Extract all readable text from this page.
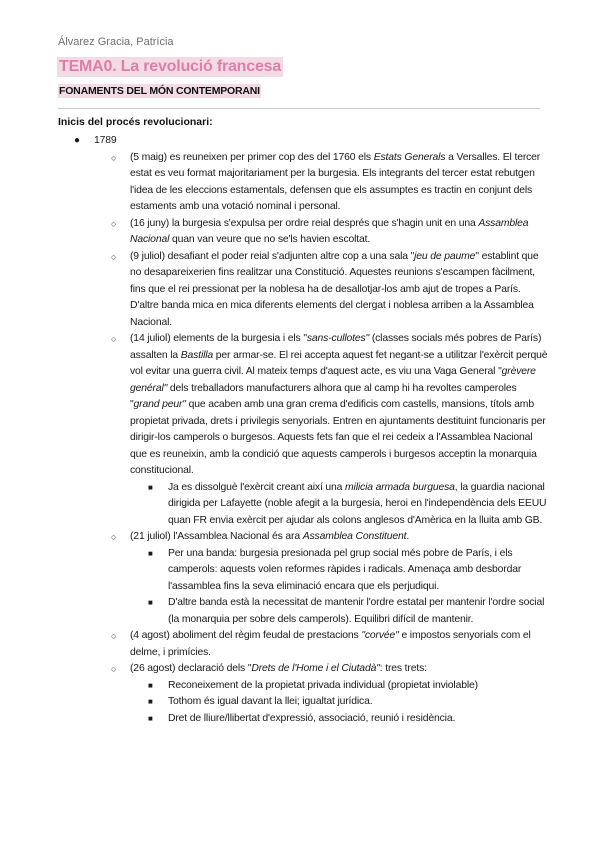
Álvarez Gracia, Patrícia
TEMA0. La revolució francesa
FONAMENTS DEL MÓN CONTEMPORANI
Inicis del procés revolucionari:
● 1789
○ (5 maig) es reuneixen per primer cop des del 1760 els Estats Generals a Versalles. El tercer estat es veu format majoritariament per la burgesia. Els integrants del tercer estat rebutgen l'idea de les eleccions estamentals, defensen que els assumptes es tractin en conjunt dels estaments amb una votació nominal i personal.
○ (16 juny) la burgesia s'expulsa per ordre reial després que s'hagin unit en una Assamblea Nacional quan van veure que no se'ls havien escoltat.
○ (9 juliol) desafiant el poder reial s'adjunten altre cop a una sala "jeu de paume" establint que no desapareixerien fins realitzar una Constitució. Aquestes reunions s'escampen fàcilment, fins que el rei pressionat per la noblesa ha de desallotjar-los amb ajut de tropes a París. D'altre banda mica en mica diferents elements del clergat i noblesa arriben a la Assamblea Nacional.
○ (14 juliol) elements de la burgesia i els "sans-cullotes" (classes socials més pobres de París) assalten la Bastilla per armar-se. El rei accepta aquest fet negant-se a utilitzar l'exèrcit perquè vol evitar una guerra civil. Al mateix temps d'aquest acte, es viu una Vaga General "grèvere genéral" dels treballadors manufacturers alhora que al camp hi ha revoltes camperoles "grand peur" que acaben amb una gran crema d'edificis com castells, mansions, títols amb propietat privada, drets i privilegis senyorials. Entren en ajuntaments destituint funcionaris per dirigir-los camperols o burgesos. Aquests fets fan que el rei cedeix a l'Assamblea Nacional que es reuneixin, amb la condició que aquests camperols i burgesos acceptin la monarquia constitucional.
■ Ja es dissolguè l'exèrcit creant així una milicia armada burguesa, la guardia nacional dirigida per Lafayette (noble afegit a la burgesia, heroi en l'independència dels EEUU quan FR envia exèrcit per ajudar als colons anglesos d'Amèrica en la lluita amb GB.
○ (21 juliol) l'Assamblea Nacional és ara Assamblea Constituent.
■ Per una banda: burgesia presionada pel grup social més pobre de París, i els camperols: aquests volen reformes ràpides i radicals. Amenaça amb desbordar l'assamblea fins la seva eliminació encara que els perjudiqui.
■ D'altre banda està la necessitat de mantenir l'ordre estatal per mantenir l'ordre social (la monarquia per sobre dels camperols). Equilibri difícil de mantenir.
○ (4 agost) aboliment del règim feudal de prestacions "corvée" e impostos senyorials com el delme, i primícies.
○ (26 agost) declaració dels "Drets de l'Home i el Ciutadà": tres trets:
■ Reconeixement de la propietat privada individual (propietat inviolable)
■ Tothom és igual davant la llei; igualtat jurídica.
■ Dret de lliure/llibertat d'expressió, associació, reunió i residència.
